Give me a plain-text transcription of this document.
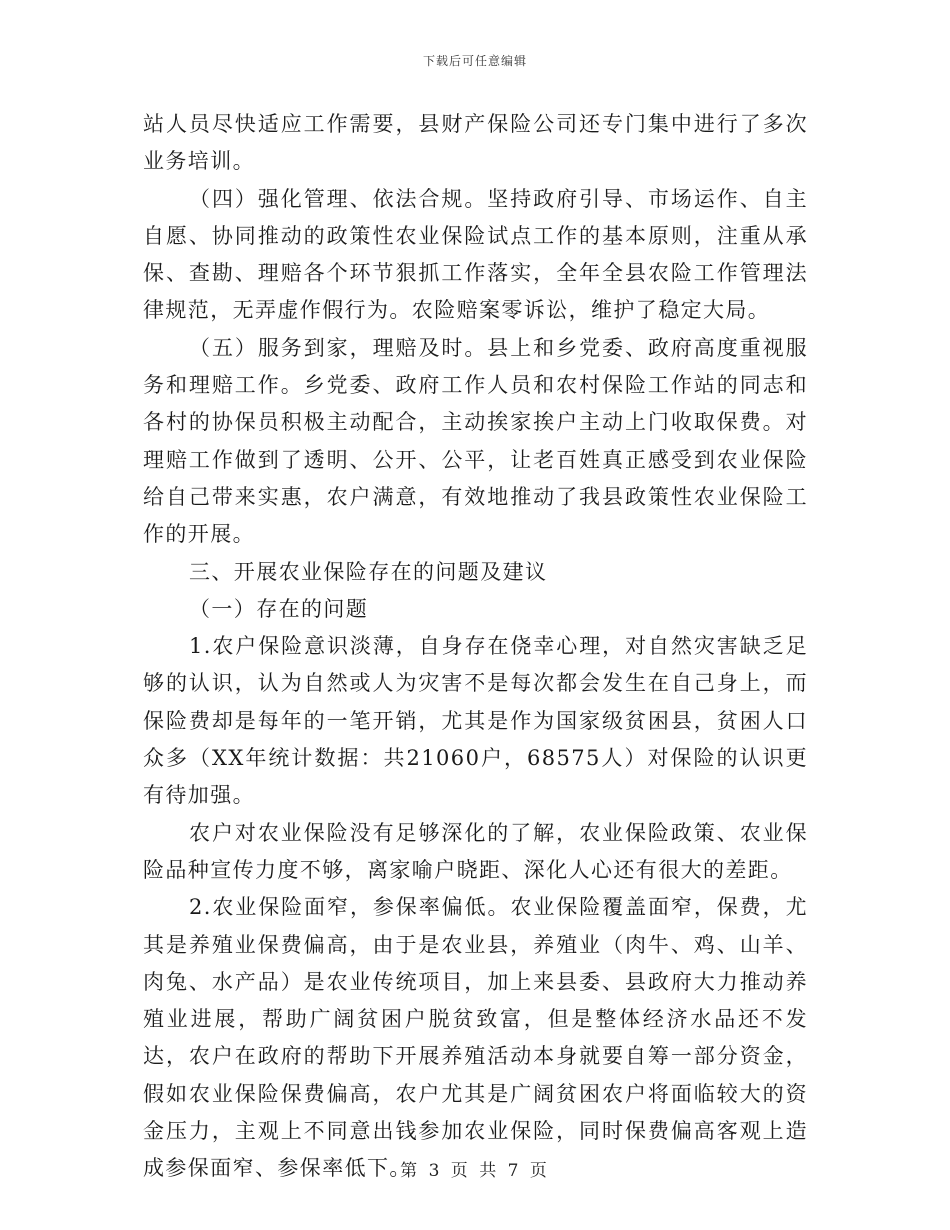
下载后可任意编辑

站人员尽快适应工作需要，县财产保险公司还专门集中进行了多次业务培训。

（四）强化管理、依法合规。坚持政府引导、市场运作、自主自愿、协同推动的政策性农业保险试点工作的基本原则，注重从承保、查勘、理赔各个环节狠抓工作落实，全年全县农险工作管理法律规范，无弄虚作假行为。农险赔案零诉讼，维护了稳定大局。

（五）服务到家，理赔及时。县上和乡党委、政府高度重视服务和理赔工作。乡党委、政府工作人员和农村保险工作站的同志和各村的协保员积极主动配合，主动挨家挨户主动上门收取保费。对理赔工作做到了透明、公开、公平，让老百姓真正感受到农业保险给自己带来实惠，农户满意，有效地推动了我县政策性农业保险工作的开展。

三、开展农业保险存在的问题及建议

（一）存在的问题

1.农户保险意识淡薄，自身存在侥幸心理，对自然灾害缺乏足够的认识，认为自然或人为灾害不是每次都会发生在自己身上，而保险费却是每年的一笔开销，尤其是作为国家级贫困县，贫困人口众多（XX年统计数据：共21060户，68575人）对保险的认识更有待加强。

农户对农业保险没有足够深化的了解，农业保险政策、农业保险品种宣传力度不够，离家喻户晓距、深化人心还有很大的差距。

2.农业保险面窄，参保率偏低。农业保险覆盖面窄，保费，尤其是养殖业保费偏高，由于是农业县，养殖业（肉牛、鸡、山羊、肉兔、水产品）是农业传统项目，加上来县委、县政府大力推动养殖业进展，帮助广阔贫困户脱贫致富，但是整体经济水品还不发达，农户在政府的帮助下开展养殖活动本身就要自筹一部分资金，假如农业保险保费偏高，农户尤其是广阔贫困农户将面临较大的资金压力，主观上不同意出钱参加农业保险，同时保费偏高客观上造成参保面窄、参保率低下。

第 3 页 共 7 页
